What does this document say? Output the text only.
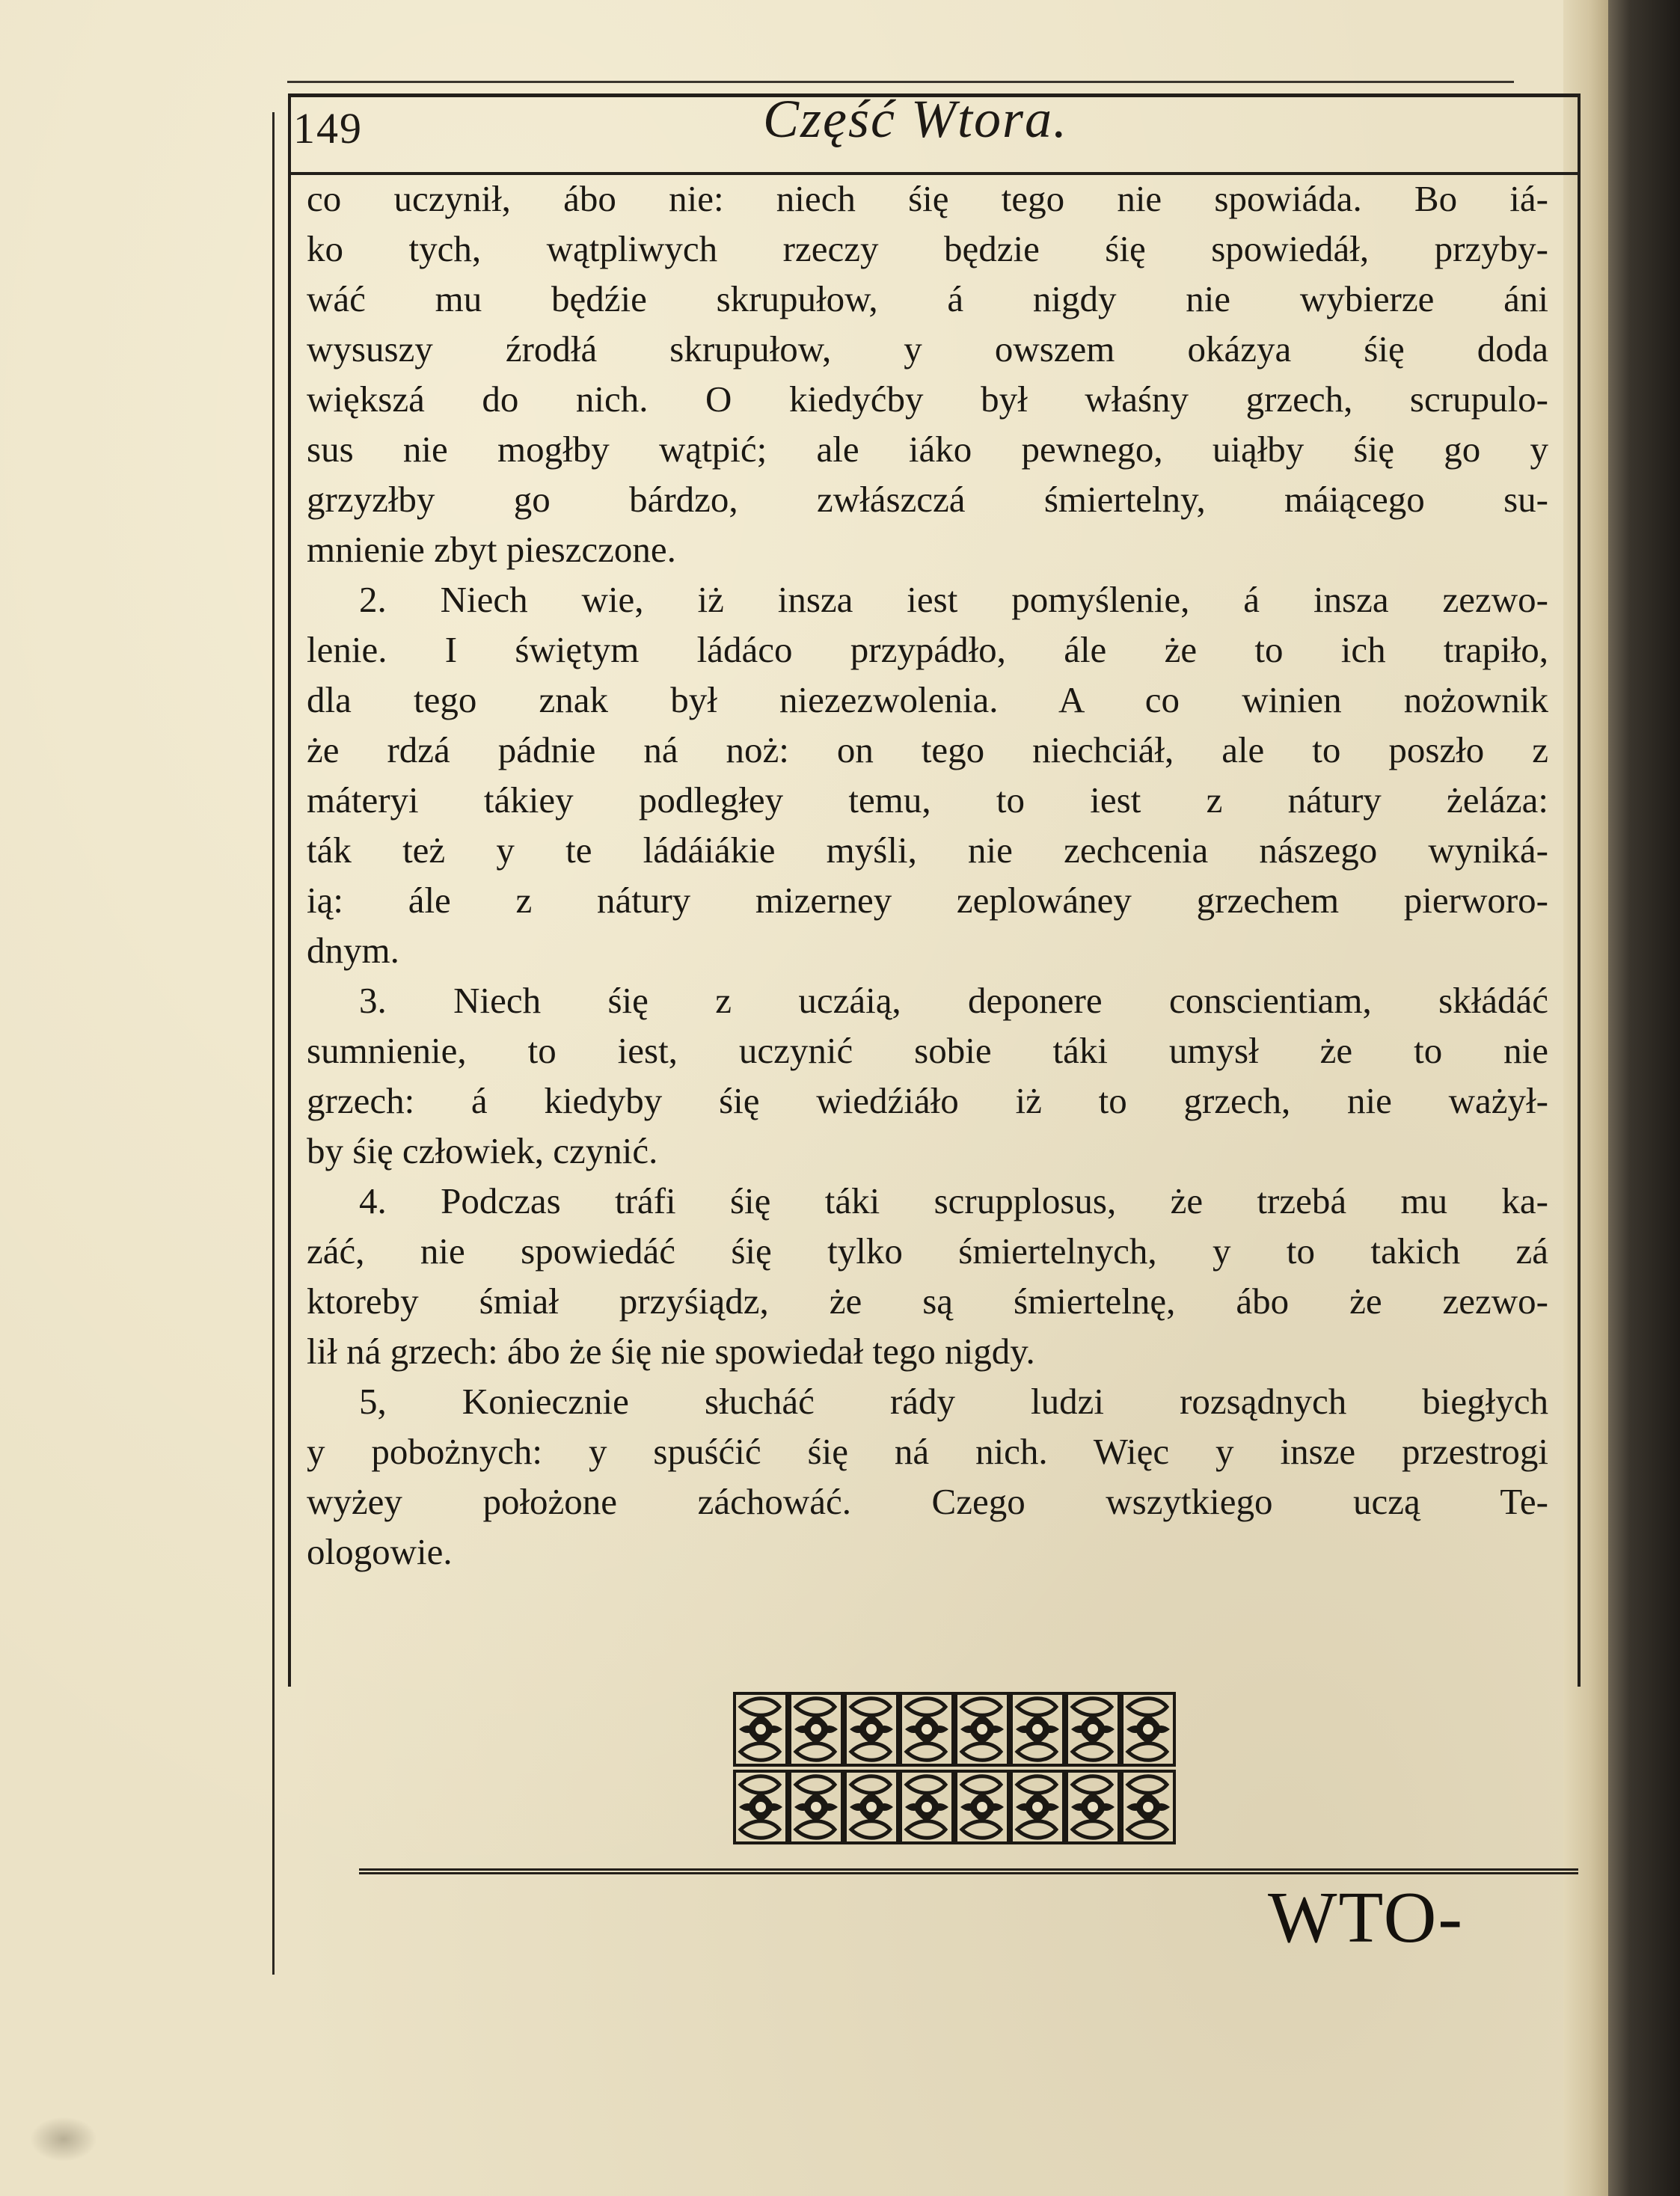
149	Część Wtora.
co uczynił, ábo nie: niech śię tego nie spowiáda. Bo iá-
ko tych, wątpliwych rzeczy będzie śię spowiedáł, przyby-
wáć mu będźie skrupułow, á nigdy nie wybierze áni
wysuszy źrodłá skrupułow, y owszem okázya śię doda
większá do nich. O kiedyćby był właśny grzech, scrupulo-
sus nie mogłby wątpić; ale iáko pewnego, uiąłby śię go y
grzyzłby go bárdzo, zwłászczá śmiertelny, máiącego su-
mnienie zbyt pieszczone.
2. Niech wie, iż insza iest pomyślenie, á insza zezwo-
lenie. I świętym ládáco przypádło, ále że to ich trapiło,
dla tego znak był niezezwolenia. A co winien nożownik
że rdzá pádnie ná noż: on tego niechciáł, ale to poszło z
máteryi tákiey podległey temu, to iest z nátury żeláza:
ták też y te ládáiákie myśli, nie zechcenia nászego wyniká-
ią: ále z nátury mizerney zeplowáney grzechem pierworo-
dnym.
3. Niech śię z uczáią, deponere conscientiam, skłádáć
sumnienie, to iest, uczynić sobie táki umysł że to nie
grzech: á kiedyby śię wiedźiáło iż to grzech, nie ważył-
by śię człowiek, czynić.
4. Podczas tráfi śię táki scrupplosus, że trzebá mu ka-
záć, nie spowiedáć śię tylko śmiertelnych, y to takich zá
ktoreby śmiał przyśiądz, że są śmiertelnę, ábo że zezwo-
lił ná grzech: ábo że śię nie spowiedał tego nigdy.
5, Koniecznie słucháć rády ludzi rozsądnych biegłych
y pobożnych: y spuśćić śię ná nich. Więc y insze przestrogi
wyżey położone záchowáć. Czego wszytkiego uczą Te-
ologowie.
WTO-
